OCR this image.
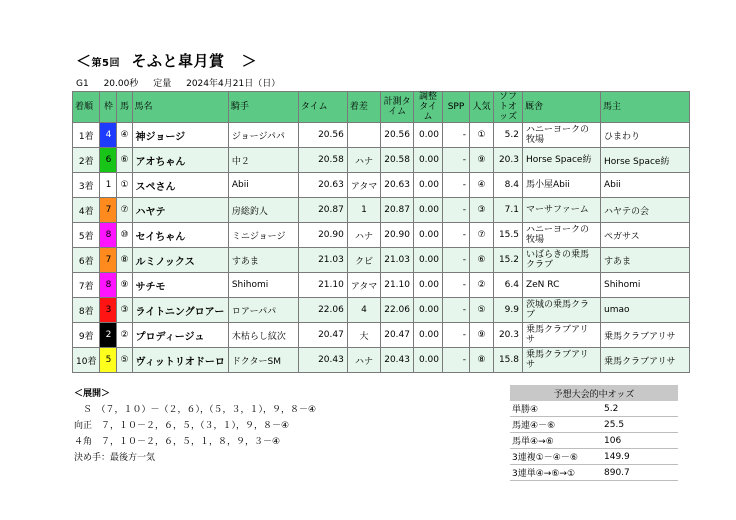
＜第5回 そふと皐月賞 ＞
G1 20.00秒 定量 2024年4月21日（日）
着順	枠	馬	馬名	騎手	タイム	着差	計測タイム	調整タイム	SPP	人気	ソフトオッズ	厩舎	馬主
1着	4	④	神ジョージ	ジョージパパ	20.56		20.56	0.00	-	①	5.2	ハニーヨークの牧場	ひまわり
2着	6	⑥	アオちゃん	中２	20.58	ハナ	20.58	0.00	-	⑨	20.3	Horse Space紡	Horse Space紡
3着	1	①	スペさん	Abii	20.63	アタマ	20.63	0.00	-	④	8.4	馬小屋Abii	Abii
4着	7	⑦	ハヤテ	房総釣人	20.87	1	20.87	0.00	-	③	7.1	マーサファーム	ハヤテの会
5着	8	⑩	セイちゃん	ミニジョージ	20.90	ハナ	20.90	0.00	-	⑦	15.5	ハニーヨークの牧場	ペガサス
6着	7	⑧	ルミノックス	すあま	21.03	クビ	21.03	0.00	-	⑥	15.2	いばらきの乗馬クラブ	すあま
7着	8	⑨	サチモ	Shihomi	21.10	アタマ	21.10	0.00	-	②	6.4	ZeN RC	Shihomi
8着	3	③	ライトニングロアー	ロアーパパ	22.06	4	22.06	0.00	-	⑤	9.9	茨城の乗馬クラブ	umao
9着	2	②	プロディージュ	木枯らし紋次	20.47	大	20.47	0.00	-	⑨	20.3	乗馬クラブアリサ	乗馬クラブアリサ
10着	5	⑤	ヴィットリオドーロ	ドクターSM	20.43	ハナ	20.43	0.00	-	⑧	15.8	乗馬クラブアリサ	乗馬クラブアリサ
＜展開＞
　Ｓ　（７，１０）－（２，６），（５，３，１），９，８－④
向正　７，１０－２，６，５，（３，１），９，８－④
４角　７，１０－２，６，５，１，８，９，３－④
決め手：最後方一気
予想大会的中オッズ	
単勝④	5.2
馬連④－⑥	25.5
馬単④→⑥	106
3連複①－④－⑥	149.9
3連単④→⑥→①	890.7
